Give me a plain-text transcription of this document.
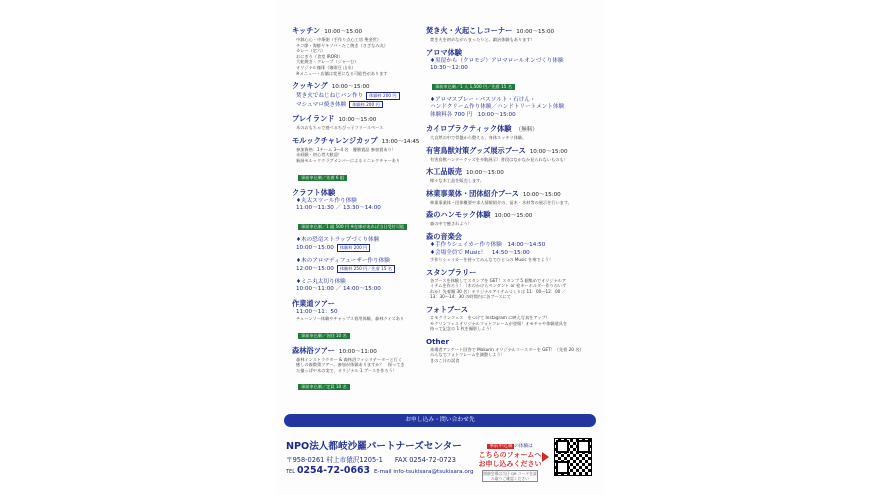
キッチン 10:00～15:00
中鉢心心・中華粥（手作り点心工房 聖金世）
チコ節・海鮮ヤキソバ・たこ焼き（さざなみ丸）
カレー（定六）
おにぎり（食堂 IRORI）
大蛇焼き・クレープ（ジャーむ）
オリジナル珈琲（珈琲豆 山水）
※メニュー・店舗は変更になる可能性があります
クッキング 10:00～15:00
焚き火でねじねじパン作り 体験料 200 円
マシュマロ焼き体験 体験料 200 円
プレイランド 10:00～15:00
木のおもちゃで遊べるちびっ子フリースペース
モルックチャレンジカップ 13:00～14:45
参加資格：1チーム 3～4 名　優勝賞品 参加賞あり！
未経験・初心者大歓迎！
新潟モルッククラブメンバーによるミニレクチャーあり
事前申込制／先着 6 組
クラフト体験
♦丸太スツール作り体験
11:00～11:30 ／ 13:30～14:00
事前申込制／1 組 500 円 ※在庫があれば当日受付可能
♦木の恐竜ストラップづくり体験
10:00～15:00 体験料 200 円
♦木のアロマディフューザー作り体験
12:00～15:00 体験料 250 円／先着 15 名
♦ミニ丸太切り体験
10:00～11:00 ／ 14:00～15:00
作業道ツアー
11:00～11：50
チェーンソー体験やチャップス着用体験、森林クイズあり
事前申込制／各回 10 名
森林浴ツアー 10:00～11:00
森林インストラクター & 森林浴ファシリテーターと行く
癒しの森散策ツアー。参加が体験ありますか？　探ってき
た憧っぱや木の実で、オリジナル 1 ブースを作ろう！
事前申込制／定員 10 名
焚き火・火起こしコーナー 10:00～15:00
焚き火を初めながらまったりと。鍛冶体験もあります！
アロマ体験
♦黒留から（クロモジ）アロマロールオンづくり体験
10:30～12:00
事前申込制／1 人 1,500 円／先着 15 名
♦アロマスプレー・バスソルト・石けん・
ハンドクリーム作り体験／ハンドトリートメント体験
体験料各 700 円　10:00～15:00
カイロプラクティック体験 （無料）
大自然の中で骨盤から整える、身体スッキリ体験。
有害鳥獣対策グッズ展示ブース 10:00～15:00
有害鳥獣ハンターグッズを多数展示！普段はなかなか見られないものも！
木工品販売 10:00～15:00
様々な木工品を販売します。
林業事業体・団体紹介ブース 10:00～15:00
林業事業体・団体概要や求人情報紹介の、苗木・木材等の展示を行います。
森のハンモック体験 10:00～15:00
森の中で癒されよう！
森の音楽会
♦手作りシェイカー作り体験　14:00～14:50
♦会場全員で Music！　14:50～15:00
手作りシェイカーを持ってみんなでひとつの Music を奏でよう！
スタンプラリー
各ブースを体験してスタンプを GET！スタンプ 5 個集めでオリジナルア
イテムを作ろう！（木のかけらペンダント or 栓キーホルダー作りのいず
れか）先着順 30 名）オリジナルアイテムづくりは 11：00～12：00 ／
13：30～14：30 の時間内に各ブースにて
フォトブース
＃モクリンフェス　をつけて Instagram に映え写真をアップ！
モクリンフェスオリジナルフォトフレームが登場！オモチャや体験道具を
持って記念の 1 枚を撮影しよう！
Other
来場者アンケート回答で Mokurin オリジナルコースターを GET！（先着 20 名）
みんなでフォトフレームを調整しよう！
きのこ汁の試食
お申し込み・問い合わせ先
NPO法人都岐沙羅パートナーズセンター
〒958-0261 村上市猿沢1205-1 FAX 0254-72-0723
TEL 0254-72-0663 E-mail info-tsukisara@tsukisara.org
事前申込制 の体験は
こちらのフォームへ
お申し込みください
開催会場は当日 QR コードを読み取りご確認ください
